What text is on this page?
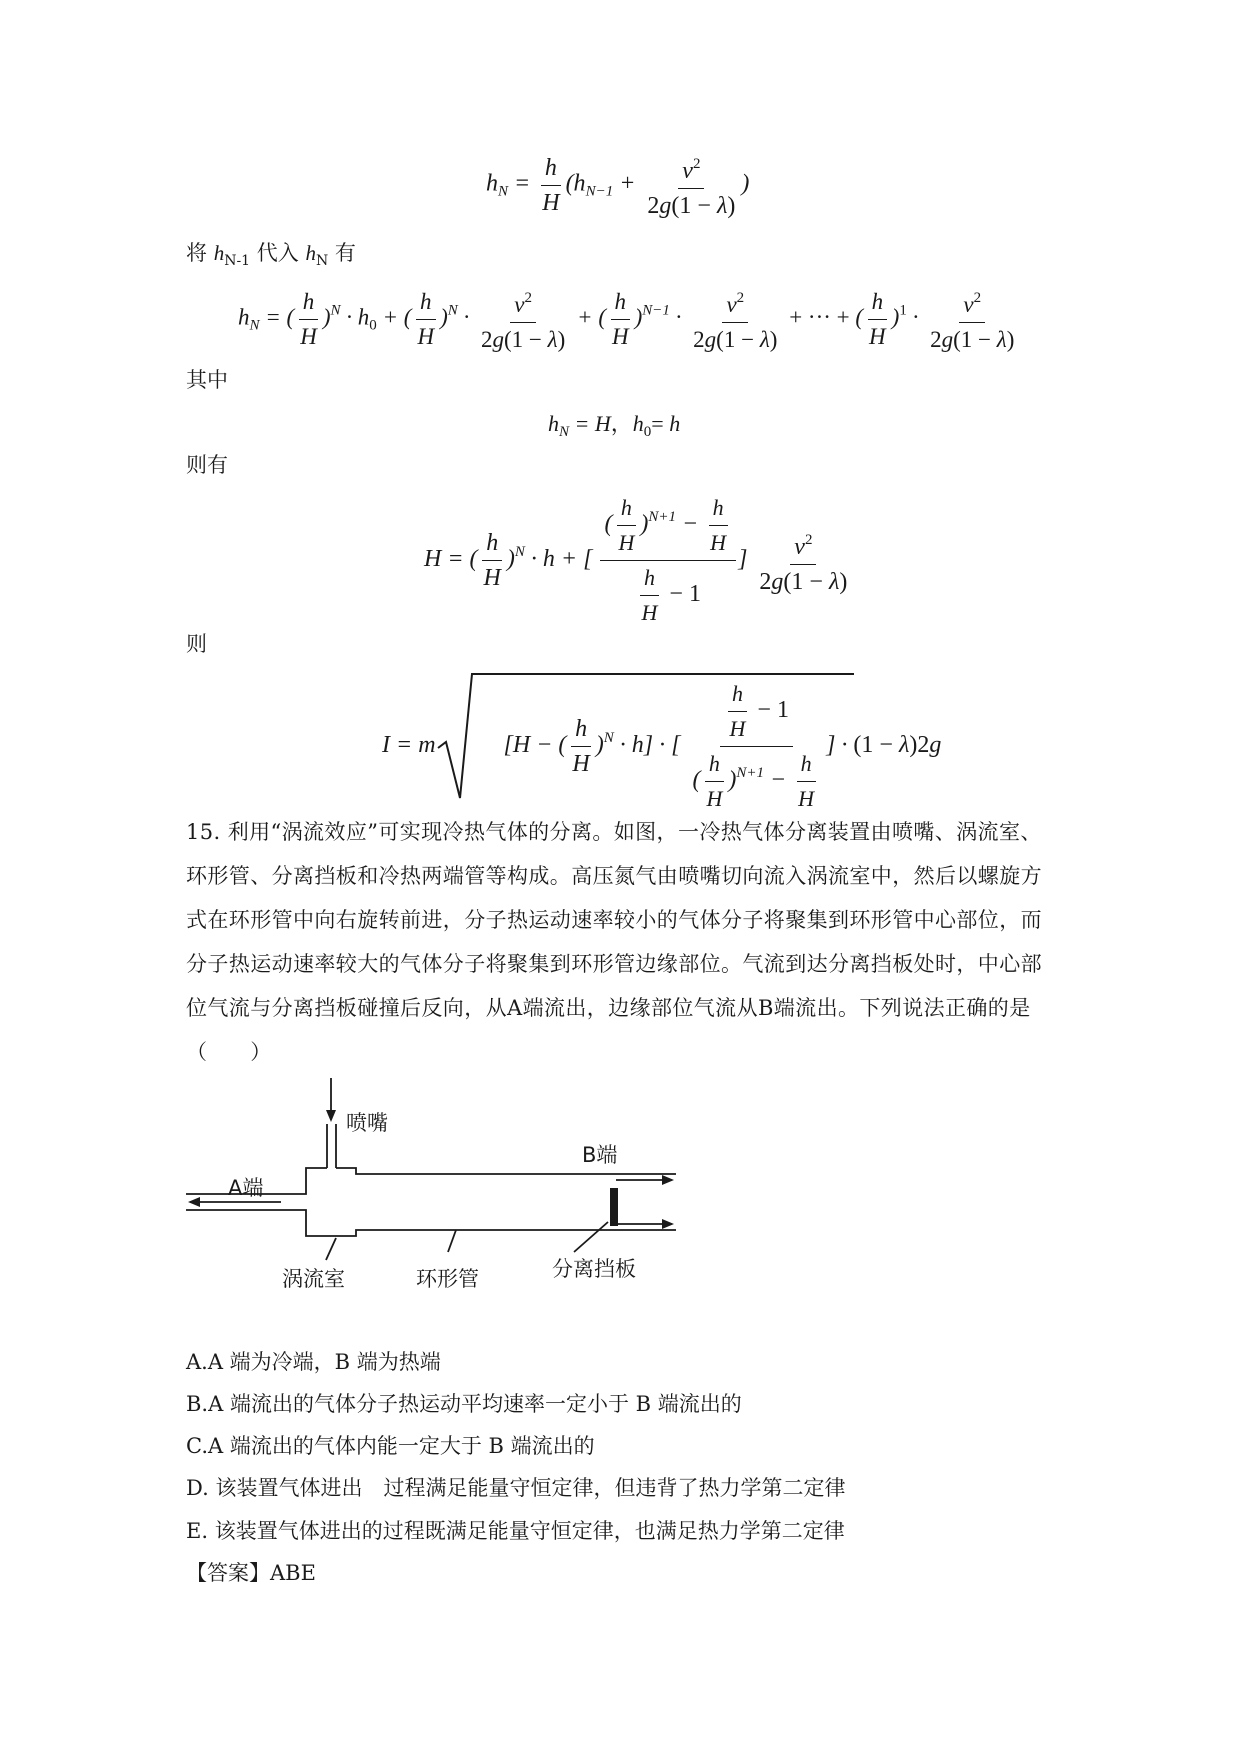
$h_N = \frac{h}{H} (h_{N-1} + \frac{v^2}{2g(1 - \lambda)}$ )
将 $h_{N-1}$ 代入 $h_N$ 有
$h_N$ = ( $\frac{h}{H} )^N \cdot h_0$ + ( $\frac{h}{H} )^N \cdot \frac{v^2}{2g(1 - \lambda)}$ + ( $\frac{h}{H} )^{N-1} \cdot \frac{v^2}{2g(1 - \lambda)}$ + ··· + ( $\frac{h}{H} )^1 \cdot \frac{v^2}{2g(1 - \lambda)}$
其中
$h_N = H$，$h_0= h$
则有
H = ( $\frac{h}{H} )^N \cdot h$ + [ $\frac{( \frac{h}{H} )^{N+1} - \frac{h}{H}}{\frac{h}{H} - 1}$ ] $\frac{v^2}{2g(1 - \lambda)}$
则
I = m  [H − ( $\frac{h}{H} )^N \cdot h$] · [ $\frac{\frac{h}{H} - 1}{( \frac{h}{H} )^{N+1} - \frac{h}{H}}$ ] · (1 − λ)2g
15. 利用“涡流效应”可实现冷热气体的分离。如图，一冷热气体分离装置由喷嘴、涡流室、环形管、分离挡板和冷热两端管等构成。高压氮气由喷嘴切向流入涡流室中，然后以螺旋方式在环形管中向右旋转前进，分子热运动速率较小的气体分子将聚集到环形管中心部位，而分子热运动速率较大的气体分子将聚集到环形管边缘部位。气流到达分离挡板处时，中心部位气流与分离挡板碰撞后反向，从A端流出，边缘部位气流从B端流出。下列说法正确的是（　　）
喷嘴
B端
A端
涡流室	环形管	分离挡板
A.A 端为冷端，B 端为热端
B.A 端流出的气体分子热运动平均速率一定小于 B 端流出的
C.A 端流出的气体内能一定大于 B 端流出的
D. 该装置气体进出　过程满足能量守恒定律，但违背了热力学第二定律
E. 该装置气体进出的过程既满足能量守恒定律，也满足热力学第二定律
【答案】ABE
